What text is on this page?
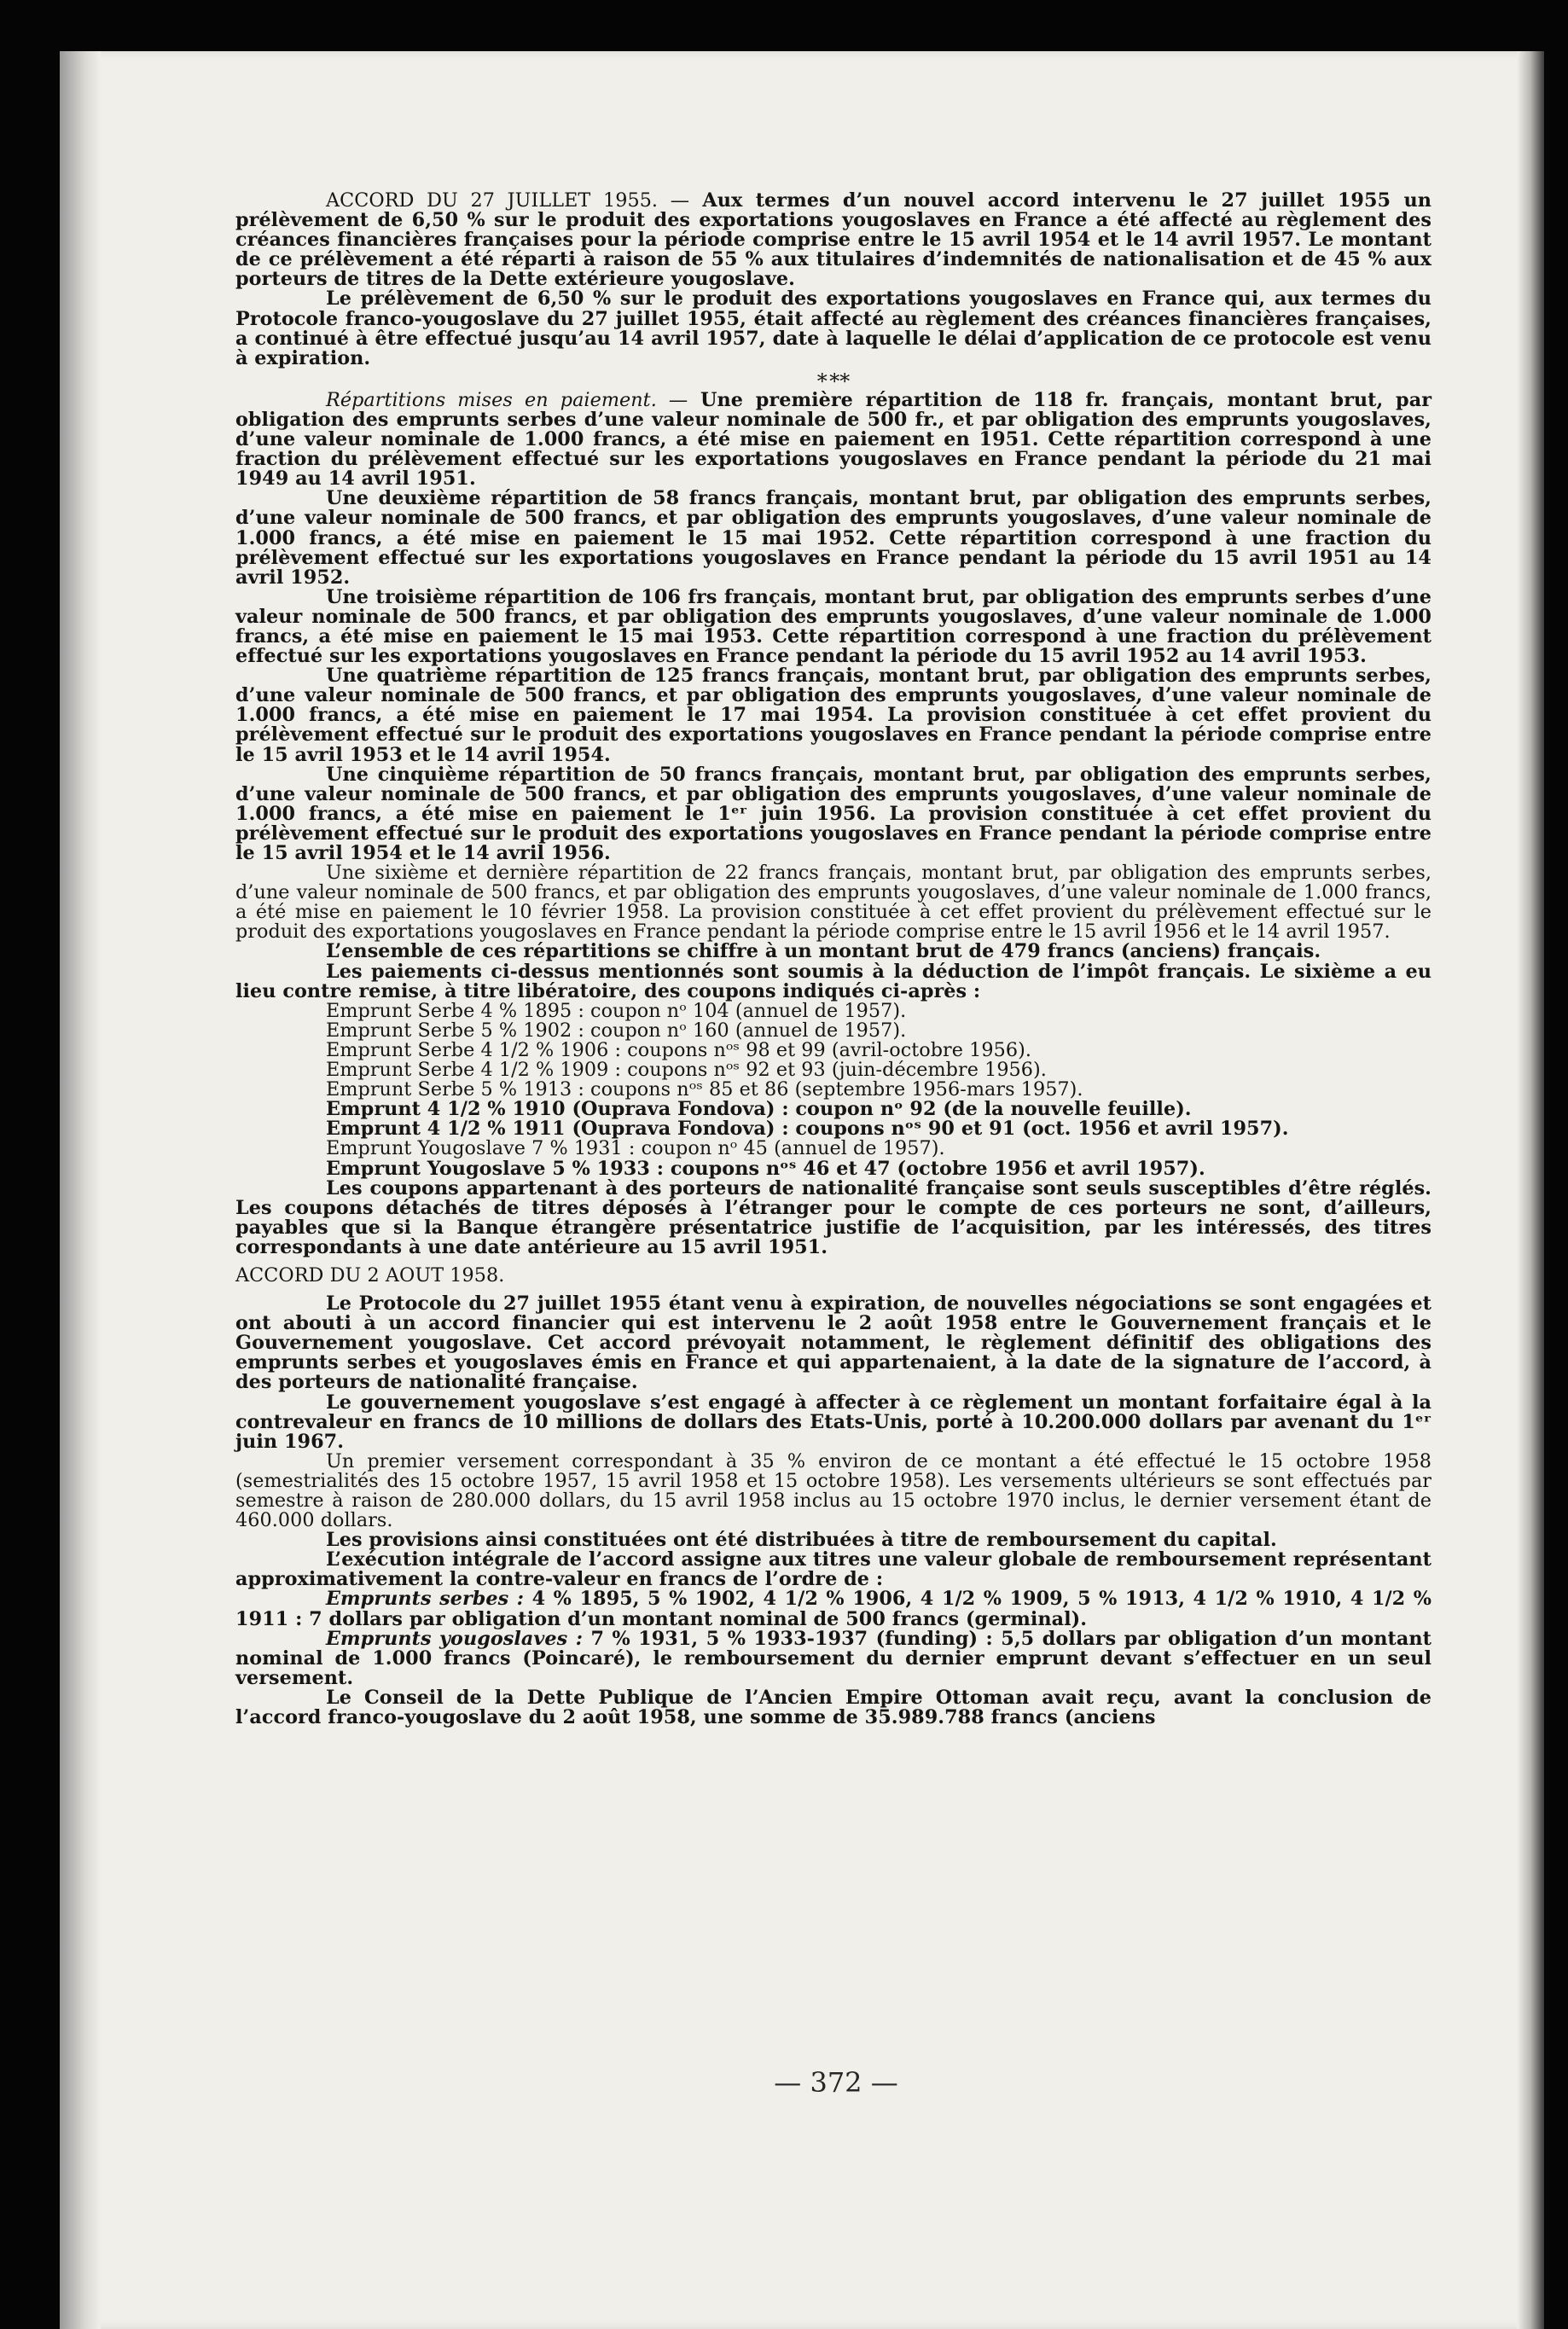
ACCORD DU 27 JUILLET 1955. — Aux termes d’un nouvel accord intervenu le 27 juillet 1955 un prélèvement de 6,50 % sur le produit des exportations yougoslaves en France a été affecté au règlement des créances financières françaises pour la période comprise entre le 15 avril 1954 et le 14 avril 1957. Le montant de ce prélèvement a été réparti à raison de 55 % aux titulaires d’indemnités de nationalisation et de 45 % aux porteurs de titres de la Dette extérieure yougoslave.

Le prélèvement de 6,50 % sur le produit des exportations yougoslaves en France qui, aux termes du Protocole franco-yougoslave du 27 juillet 1955, était affecté au règlement des créances financières françaises, a continué à être effectué jusqu’au 14 avril 1957, date à laquelle le délai d’application de ce protocole est venu à expiration.

* **

Répartitions mises en paiement. — Une première répartition de 118 fr. français, montant brut, par obligation des emprunts serbes d’une valeur nominale de 500 fr., et par obligation des emprunts yougoslaves, d’une valeur nominale de 1.000 francs, a été mise en paiement en 1951. Cette répartition correspond à une fraction du prélèvement effectué sur les exportations yougoslaves en France pendant la période du 21 mai 1949 au 14 avril 1951.

Une deuxième répartition de 58 francs français, montant brut, par obligation des emprunts serbes, d’une valeur nominale de 500 francs, et par obligation des emprunts yougoslaves, d’une valeur nominale de 1.000 francs, a été mise en paiement le 15 mai 1952. Cette répartition correspond à une fraction du prélèvement effectué sur les exportations yougoslaves en France pendant la période du 15 avril 1951 au 14 avril 1952.

Une troisième répartition de 106 frs français, montant brut, par obligation des emprunts serbes d’une valeur nominale de 500 francs, et par obligation des emprunts yougoslaves, d’une valeur nominale de 1.000 francs, a été mise en paiement le 15 mai 1953. Cette répartition correspond à une fraction du prélèvement effectué sur les exportations yougoslaves en France pendant la période du 15 avril 1952 au 14 avril 1953.

Une quatrième répartition de 125 francs français, montant brut, par obligation des emprunts serbes, d’une valeur nominale de 500 francs, et par obligation des emprunts yougoslaves, d’une valeur nominale de 1.000 francs, a été mise en paiement le 17 mai 1954. La provision constituée à cet effet provient du prélèvement effectué sur le produit des exportations yougoslaves en France pendant la période comprise entre le 15 avril 1953 et le 14 avril 1954.

Une cinquième répartition de 50 francs français, montant brut, par obligation des emprunts serbes, d’une valeur nominale de 500 francs, et par obligation des emprunts yougoslaves, d’une valeur nominale de 1.000 francs, a été mise en paiement le 1ᵉʳ juin 1956. La provision constituée à cet effet provient du prélèvement effectué sur le produit des exportations yougoslaves en France pendant la période comprise entre le 15 avril 1954 et le 14 avril 1956.

Une sixième et dernière répartition de 22 francs français, montant brut, par obligation des emprunts serbes, d’une valeur nominale de 500 francs, et par obligation des emprunts yougoslaves, d’une valeur nominale de 1.000 francs, a été mise en paiement le 10 février 1958. La provision constituée à cet effet provient du prélèvement effectué sur le produit des exportations yougoslaves en France pendant la période comprise entre le 15 avril 1956 et le 14 avril 1957.

L’ensemble de ces répartitions se chiffre à un montant brut de 479 francs (anciens) français.

Les paiements ci-dessus mentionnés sont soumis à la déduction de l’impôt français. Le sixième a eu lieu contre remise, à titre libératoire, des coupons indiqués ci-après :

Emprunt Serbe 4 % 1895 : coupon nᵒ 104 (annuel de 1957).

Emprunt Serbe 5 % 1902 : coupon nᵒ 160 (annuel de 1957).

Emprunt Serbe 4 1/2 % 1906 : coupons nᵒˢ 98 et 99 (avril-octobre 1956).

Emprunt Serbe 4 1/2 % 1909 : coupons nᵒˢ 92 et 93 (juin-décembre 1956).

Emprunt Serbe 5 % 1913 : coupons nᵒˢ 85 et 86 (septembre 1956-mars 1957).

Emprunt 4 1/2 % 1910 (Ouprava Fondova) : coupon nᵒ 92 (de la nouvelle feuille).

Emprunt 4 1/2 % 1911 (Ouprava Fondova) : coupons nᵒˢ 90 et 91 (oct. 1956 et avril 1957).

Emprunt Yougoslave 7 % 1931 : coupon nᵒ 45 (annuel de 1957).

Emprunt Yougoslave 5 % 1933 : coupons nᵒˢ 46 et 47 (octobre 1956 et avril 1957).

Les coupons appartenant à des porteurs de nationalité française sont seuls susceptibles d’être réglés. Les coupons détachés de titres déposés à l’étranger pour le compte de ces porteurs ne sont, d’ailleurs, payables que si la Banque étrangère présentatrice justifie de l’acquisition, par les intéressés, des titres correspondants à une date antérieure au 15 avril 1951.

ACCORD DU 2 AOUT 1958.

Le Protocole du 27 juillet 1955 étant venu à expiration, de nouvelles négociations se sont engagées et ont abouti à un accord financier qui est intervenu le 2 août 1958 entre le Gouvernement français et le Gouvernement yougoslave. Cet accord prévoyait notamment, le règlement définitif des obligations des emprunts serbes et yougoslaves émis en France et qui appartenaient, à la date de la signature de l’accord, à des porteurs de nationalité française.

Le gouvernement yougoslave s’est engagé à affecter à ce règlement un montant forfaitaire égal à la contrevaleur en francs de 10 millions de dollars des Etats-Unis, porté à 10.200.000 dollars par avenant du 1ᵉʳ juin 1967.

Un premier versement correspondant à 35 % environ de ce montant a été effectué le 15 octobre 1958 (semestrialités des 15 octobre 1957, 15 avril 1958 et 15 octobre 1958). Les versements ultérieurs se sont effectués par semestre à raison de 280.000 dollars, du 15 avril 1958 inclus au 15 octobre 1970 inclus, le dernier versement étant de 460.000 dollars.

Les provisions ainsi constituées ont été distribuées à titre de remboursement du capital.

L’exécution intégrale de l’accord assigne aux titres une valeur globale de remboursement représentant approximativement la contre-valeur en francs de l’ordre de :

Emprunts serbes : 4 % 1895, 5 % 1902, 4 1/2 % 1906, 4 1/2 % 1909, 5 % 1913, 4 1/2 % 1910, 4 1/2 % 1911 : 7 dollars par obligation d’un montant nominal de 500 francs (germinal).

Emprunts yougoslaves : 7 % 1931, 5 % 1933-1937 (funding) : 5,5 dollars par obligation d’un montant nominal de 1.000 francs (Poincaré), le remboursement du dernier emprunt devant s’effectuer en un seul versement.

Le Conseil de la Dette Publique de l’Ancien Empire Ottoman avait reçu, avant la conclusion de l’accord franco-yougoslave du 2 août 1958, une somme de 35.989.788 francs (anciens

— 372 —
